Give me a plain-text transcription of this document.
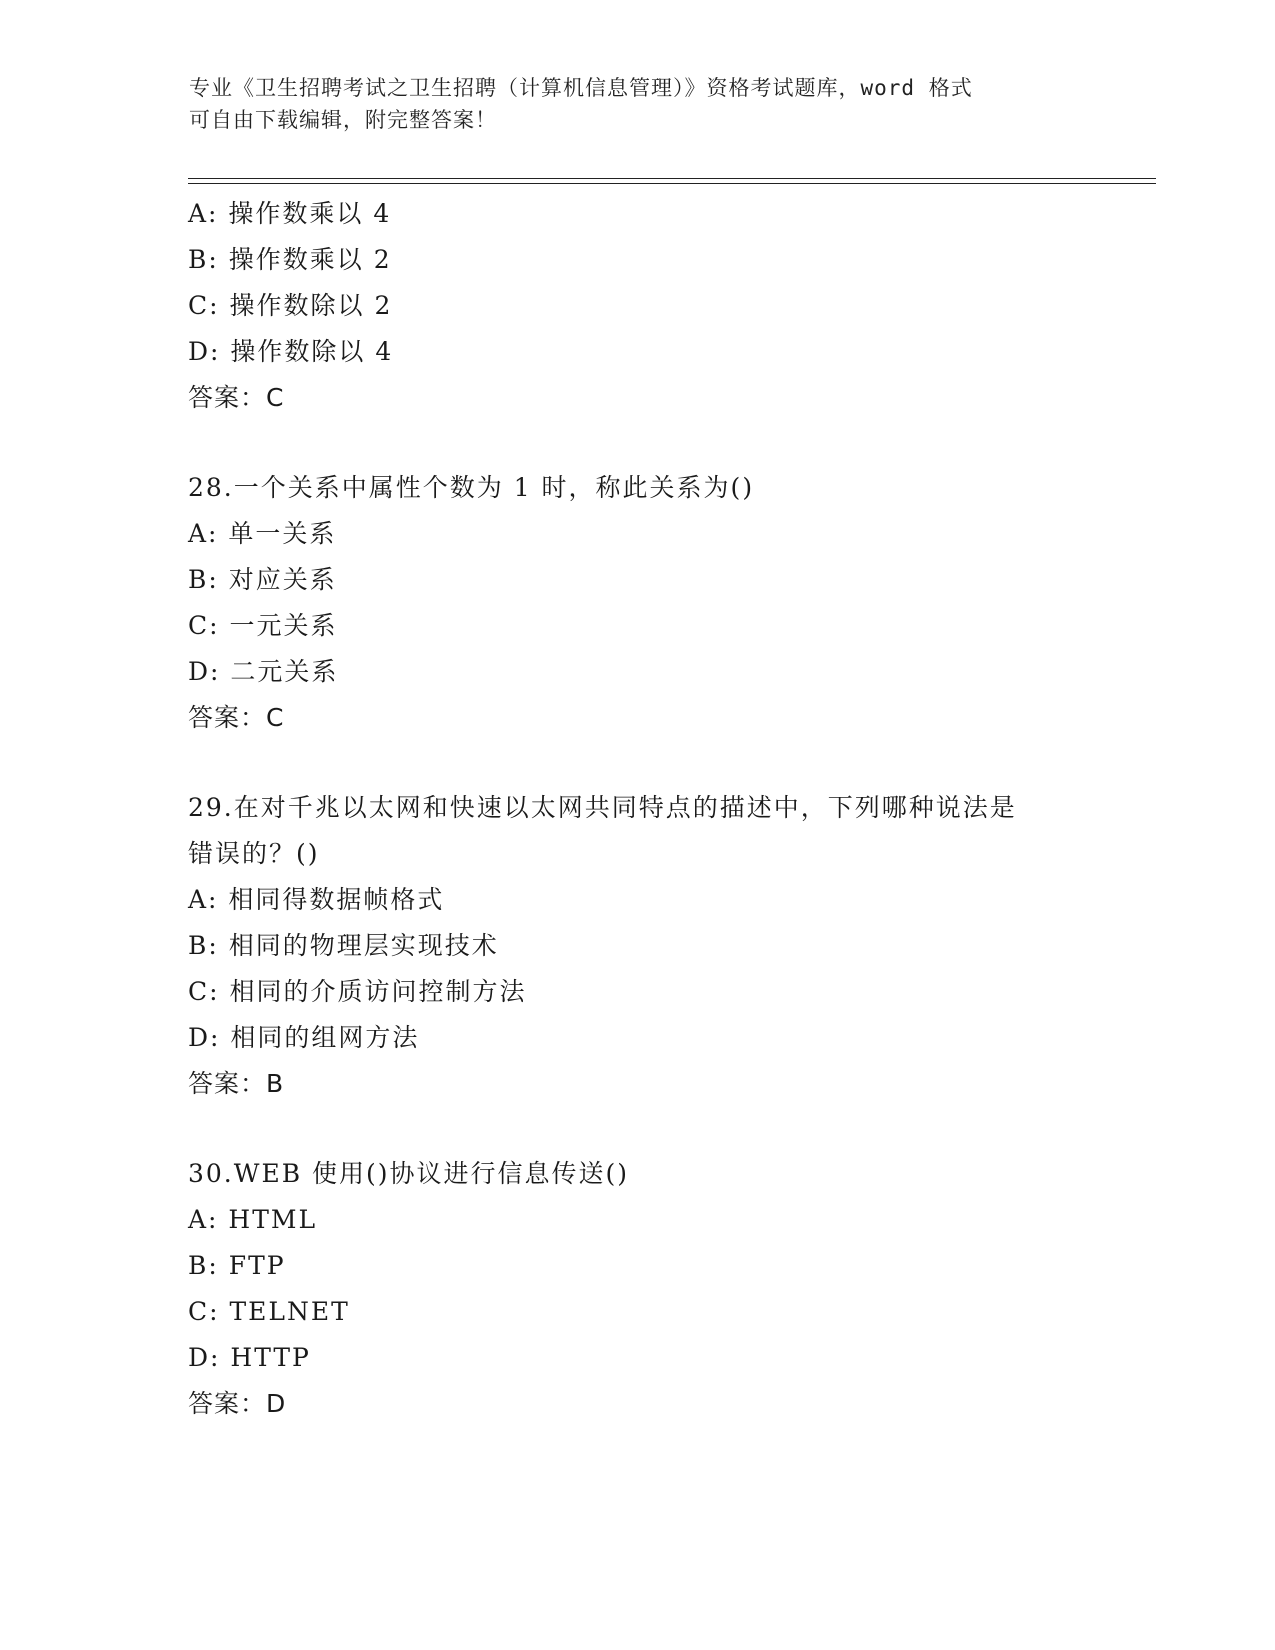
专业《卫生招聘考试之卫生招聘（计算机信息管理）》资格考试题库，word 格式
可自由下载编辑，附完整答案！
A: 操作数乘以 4
B: 操作数乘以 2
C: 操作数除以 2
D: 操作数除以 4
答案：C
28.一个关系中属性个数为 1 时，称此关系为()
A: 单一关系
B: 对应关系
C: 一元关系
D: 二元关系
答案：C
29.在对千兆以太网和快速以太网共同特点的描述中，下列哪种说法是
错误的？()
A: 相同得数据帧格式
B: 相同的物理层实现技术
C: 相同的介质访问控制方法
D: 相同的组网方法
答案：B
30.WEB 使用()协议进行信息传送()
A: HTML
B: FTP
C: TELNET
D: HTTP
答案：D
